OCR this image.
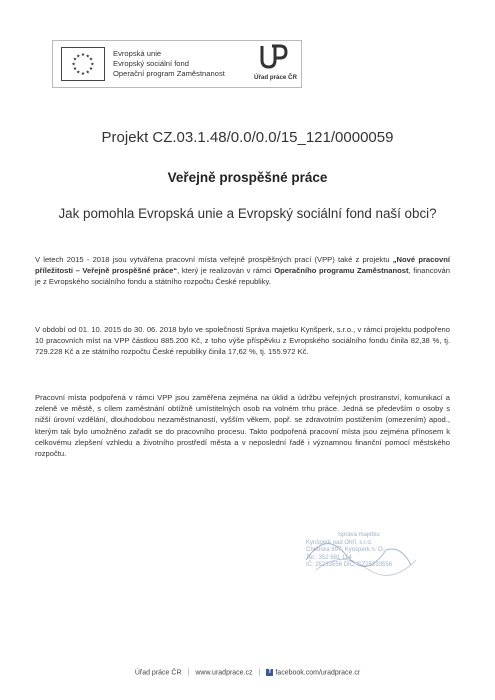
★ ★
★
★
★
★
★
★
★
★
★
★	Evropská unie
Evropský sociální fond
Operační program Zaměstnanost	Úřad práce ČR
Projekt CZ.03.1.48/0.0/0.0/15_121/0000059
Veřejně prospěšné práce
Jak pomohla Evropská unie a Evropský sociální fond naší obci?

V letech 2015 - 2018 jsou vytvářena pracovní místa veřejně prospěšných prací (VPP) také z projektu „Nové pracovní příležitosti – Veřejně prospěšné práce“, který je realizován v rámci Operačního programu Zaměstnanost, financován je z Evropského sociálního fondu a státního rozpočtu České republiky.

V období od 01. 10. 2015 do 30. 06. 2018 bylo ve společnosti Správa majetku Kynšperk, s.r.o., v rámci projektu podpořeno 10 pracovních míst na VPP částkou 885.200 Kč, z toho výše příspěvku z Evropského sociálního fondu činila 82,38 %, tj. 729.228 Kč a ze státního rozpočtu České republiky činila 17,62 %, tj. 155.972 Kč.

Pracovní místa podpořená v rámci VPP jsou zaměřena zejména na úklid a údržbu veřejných prostranství, komunikací a zeleně ve městě, s cílem zaměstnání obtížně umístitelných osob na volném trhu práce. Jedná se především o osoby s nižší úrovní vzdělání, dlouhodobou nezaměstnaností, vyšším věkem, popř. se zdravotním postižením (omezením) apod., kterým tak bylo umožněno zařadit se do pracovního procesu. Takto podpořená pracovní místa jsou zejména přínosem k celkovému zlepšení vzhledu a životního prostředí města a v neposlední řadě i významnou finanční pomocí městského rozpočtu.

Správa majetku
Kynšperk nad Ohří, s.r.o.
Chebská 897, Kynšperk n. O.
Tel.: 352 681 114
IČ: 25233556 DIČ: CZ25233556
Úřad práce ČR | www.uradprace.cz | f facebook.com/uradprace.cr
